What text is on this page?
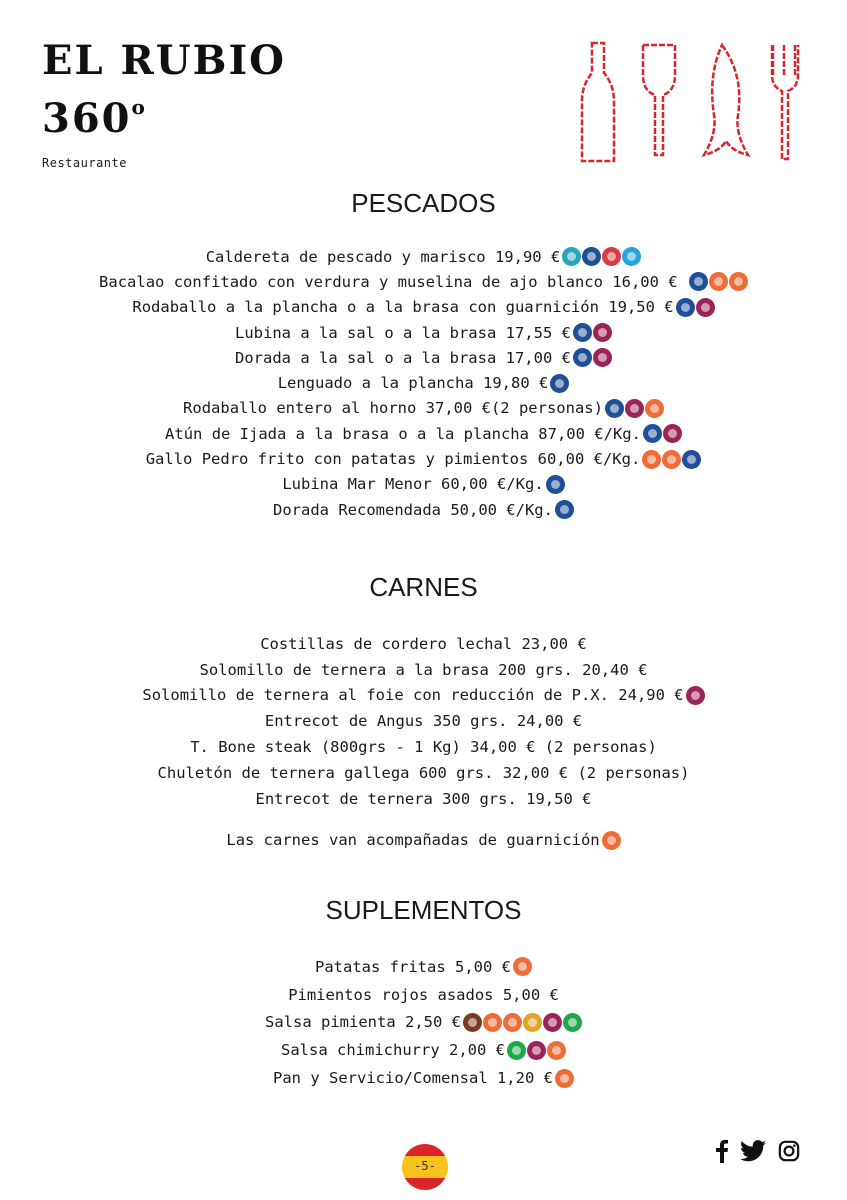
EL RUBIO
360$^o$
Restaurante
PESCADOS
Caldereta de pescado y marisco 19,90 €
Bacalao confitado con verdura y muselina de ajo blanco 16,00 €
Rodaballo a la plancha o a la brasa con guarnición 19,50 €
Lubina a la sal o a la brasa 17,55 €
Dorada a la sal o a la brasa 17,00 €
Lenguado a la plancha 19,80 €
Rodaballo entero al horno 37,00 €(2 personas)
Atún de Ijada a la brasa o a la plancha 87,00 €/Kg.
Gallo Pedro frito con patatas y pimientos 60,00 €/Kg.
Lubina Mar Menor 60,00 €/Kg.
Dorada Recomendada 50,00 €/Kg.
CARNES
Costillas de cordero lechal 23,00 €
Solomillo de ternera a la brasa 200 grs. 20,40 €
Solomillo de ternera al foie con reducción de P.X. 24,90 €
Entrecot de Angus 350 grs. 24,00 €
T. Bone steak (800grs - 1 Kg) 34,00 € (2 personas)
Chuletón de ternera gallega 600 grs. 32,00 € (2 personas)
Entrecot de ternera 300 grs. 19,50 €
Las carnes van acompañadas de guarnición
SUPLEMENTOS
Patatas fritas 5,00 €
Pimientos rojos asados 5,00 €
Salsa pimienta 2,50 €
Salsa chimichurry 2,00 €
Pan y Servicio/Comensal 1,20 €
-5-
